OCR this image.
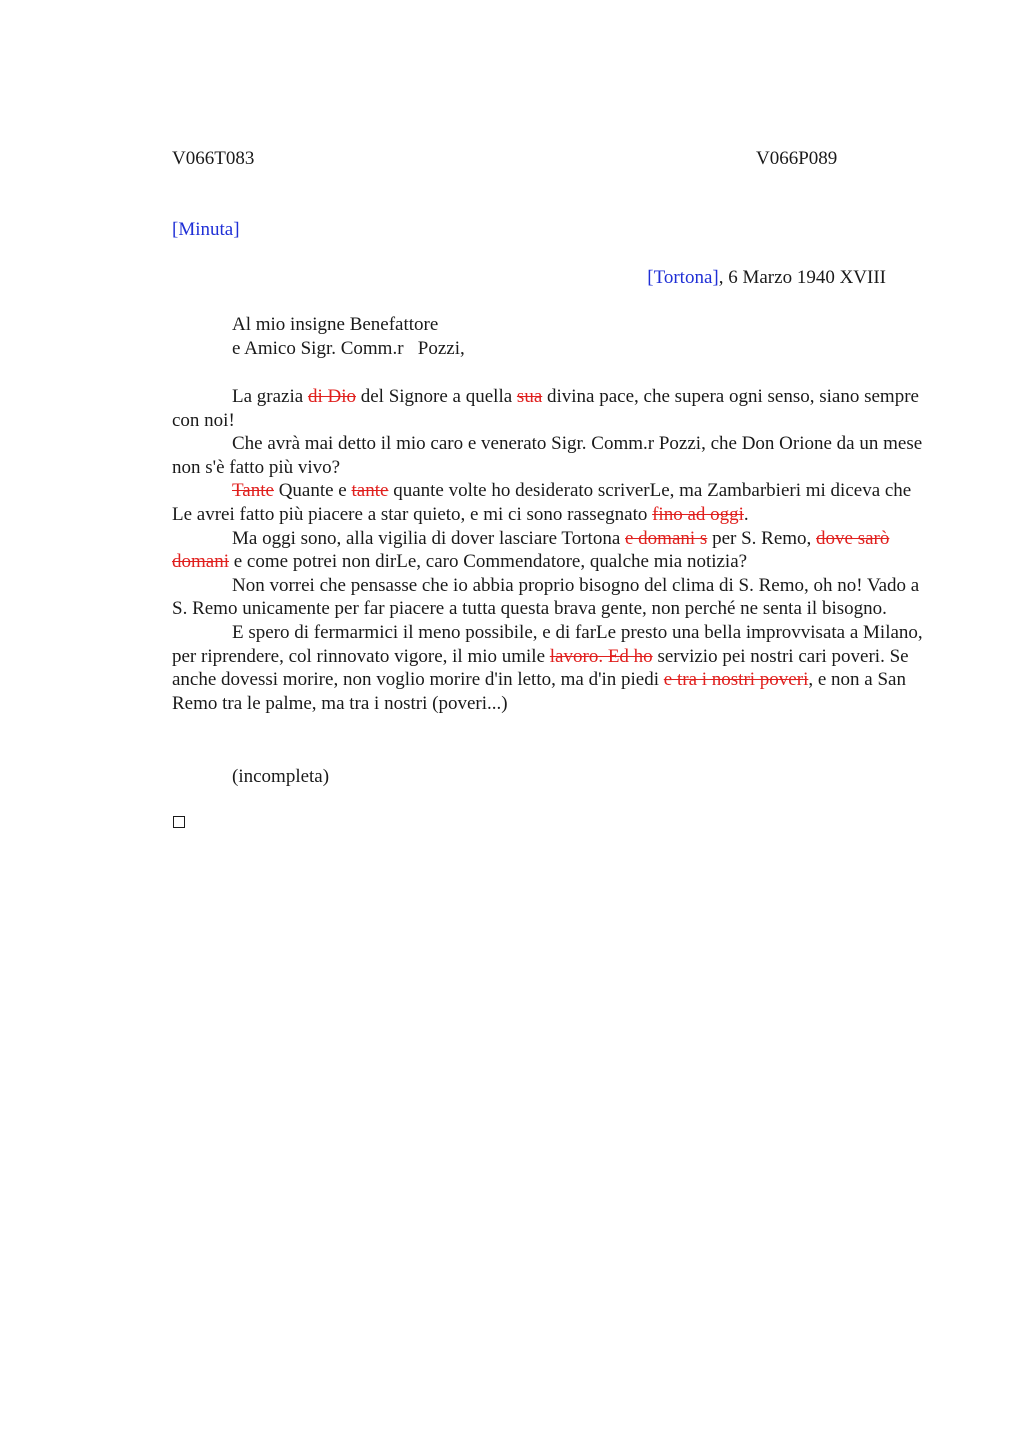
V066T083	V066P089
[Minuta]
[Tortona], 6 Marzo 1940 XVIII
Al mio insigne Benefattore
e Amico Sigr. Comm.r   Pozzi,

La grazia di Dio del Signore a quella sua divina pace, che supera ogni senso, siano sempre con noi!

Che avrà mai detto il mio caro e venerato Sigr. Comm.r Pozzi, che Don Orione da un mese non s'è fatto più vivo?

Tante Quante e tante quante volte ho desiderato scriverLe, ma Zambarbieri mi diceva che Le avrei fatto più piacere a star quieto, e mi ci sono rassegnato fino ad oggi.

Ma oggi sono, alla vigilia di dover lasciare Tortona e domani s per S. Remo, dove sarò domani e come potrei non dirLe, caro Commendatore, qualche mia notizia?

Non vorrei che pensasse che io abbia proprio bisogno del clima di S. Remo, oh no! Vado a S. Remo unicamente per far piacere a tutta questa brava gente, non perché ne senta il bisogno.

E spero di fermarmici il meno possibile, e di farLe presto una bella improvvisata a Milano, per riprendere, col rinnovato vigore, il mio umile lavoro. Ed ho servizio pei nostri cari poveri. Se anche dovessi morire, non voglio morire d'in letto, ma d'in piedi e tra i nostri poveri, e non a San Remo tra le palme, ma tra i nostri (poveri...)

(incompleta)
